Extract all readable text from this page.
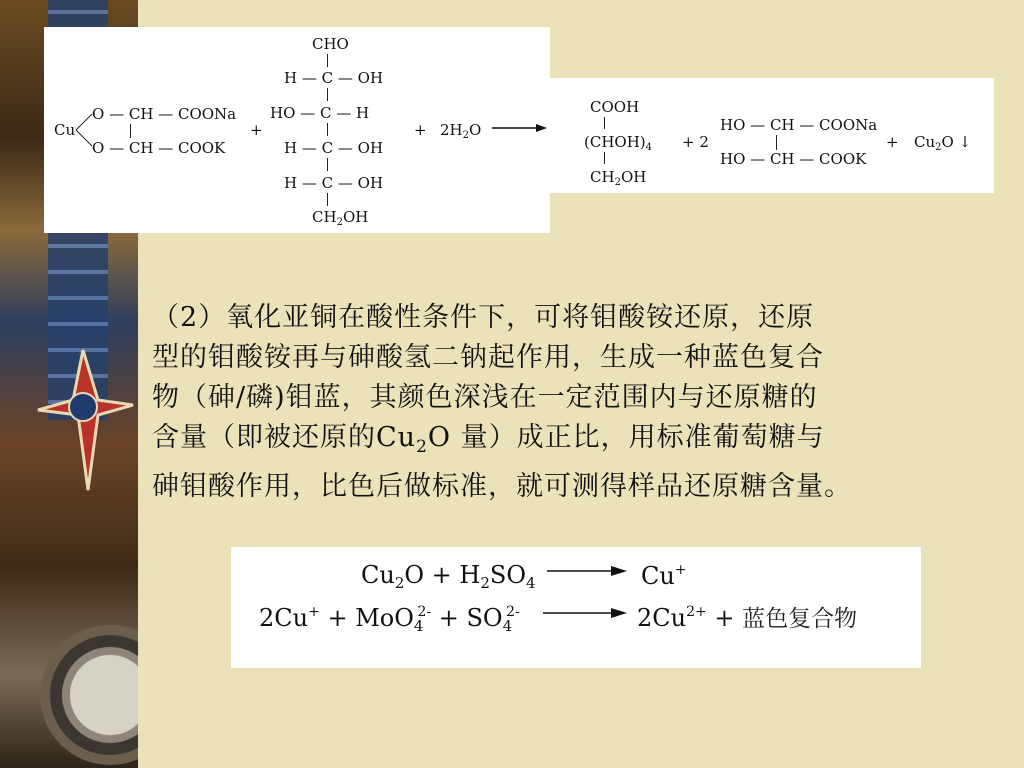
Cu
O — CH — COONa
O — CH — COOK
+
CHO
H — C — OH
HO — C — H
H — C — OH
H — C — OH
$CH_2OH$
+ $2H_2O$ →
COOH
$(CHOH)_4$
$CH_2OH$
+ 2
HO — CH — COONa
HO — CH — COOK
+ $Cu_2O$ ↓
（2）氧化亚铜在酸性条件下，可将钼酸铵还原，还原
型的钼酸铵再与砷酸氢二钠起作用，生成一种蓝色复合
物（砷/磷)钼蓝，其颜色深浅在一定范围内与还原糖的
含量（即被还原的$Cu_2O$ 量）成正比，用标准葡萄糖与
砷钼酸作用，比色后做标准，就可测得样品还原糖含量。
$Cu_2O + H_2SO_4$	Cu+
$2Cu^+ + MoO_4^{2-} + SO_4^{2-}$	$2Cu^{2+}$ + 蓝色复合物
